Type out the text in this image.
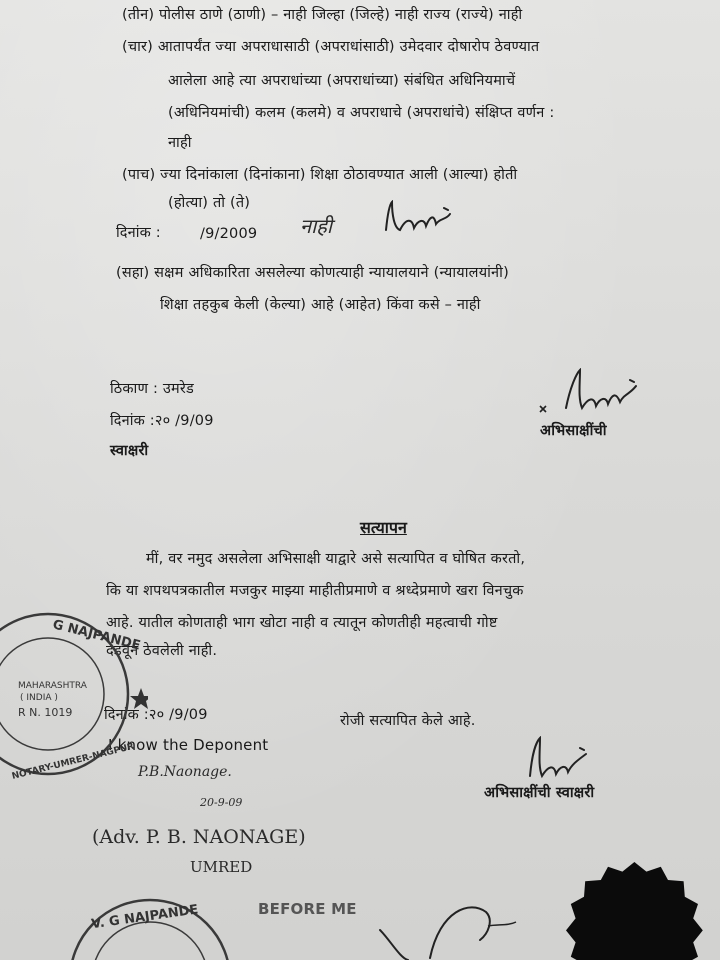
(तीन) पोलीस ठाणे (ठाणी) – नाही जिल्हा (जिल्हे) नाही राज्य (राज्ये) नाही
(चार) आतापर्यंत ज्या अपराधासाठी (अपराधांसाठी) उमेदवार दोषारोप ठेवण्यात
आलेला आहे त्या अपराधांच्या (अपराधांच्या) संबंधित अधिनियमाचें
(अधिनियमांची) कलम (कलमे) व अपराधाचे (अपराधांचे) संक्षिप्त वर्णन :
नाही
(पाच) ज्या दिनांकाला (दिनांकाना) शिक्षा ठोठावण्यात आली (आल्या) होती
(होत्या) तो (ते)
दिनांक :	/9/2009 नाही
(सहा) सक्षम अधिकारिता असलेल्या कोणत्याही न्यायालयाने (न्यायालयांनी)
शिक्षा तहकुब केली (केल्या) आहे (आहेत) किंवा कसे – नाही
ठिकाण : उमरेड
दिनांक :२० /9/09
स्वाक्षरी
अभिसाक्षींची
सत्यापन
मीं, वर नमुद असलेला अभिसाक्षी याद्वारे असे सत्यापित व घोषित करतो,
कि या शपथपत्रकातील मजकुर माझ्या माहीतीप्रमाणे व श्रध्देप्रमाणे खरा विनचुक
आहे. यातील कोणताही भाग खोटा नाही व त्यातून कोणतीही महत्वाची गोष्ट
दडवून ठेवलेली नाही.
दिनांक :२० /9/09	रोजी सत्यापित केले आहे.
I know the Deponent
P.B.Naonage.
20-9-09
(Adv. P. B. NAONAGE)
UMRED
अभिसाक्षींची स्वाक्षरी
BEFORE ME
G NAJPANDE
MAHARASHTRA
( INDIA )
R N. 1019
NOTARY-UMRER-NAGPUR
V. G NAJPANDE
